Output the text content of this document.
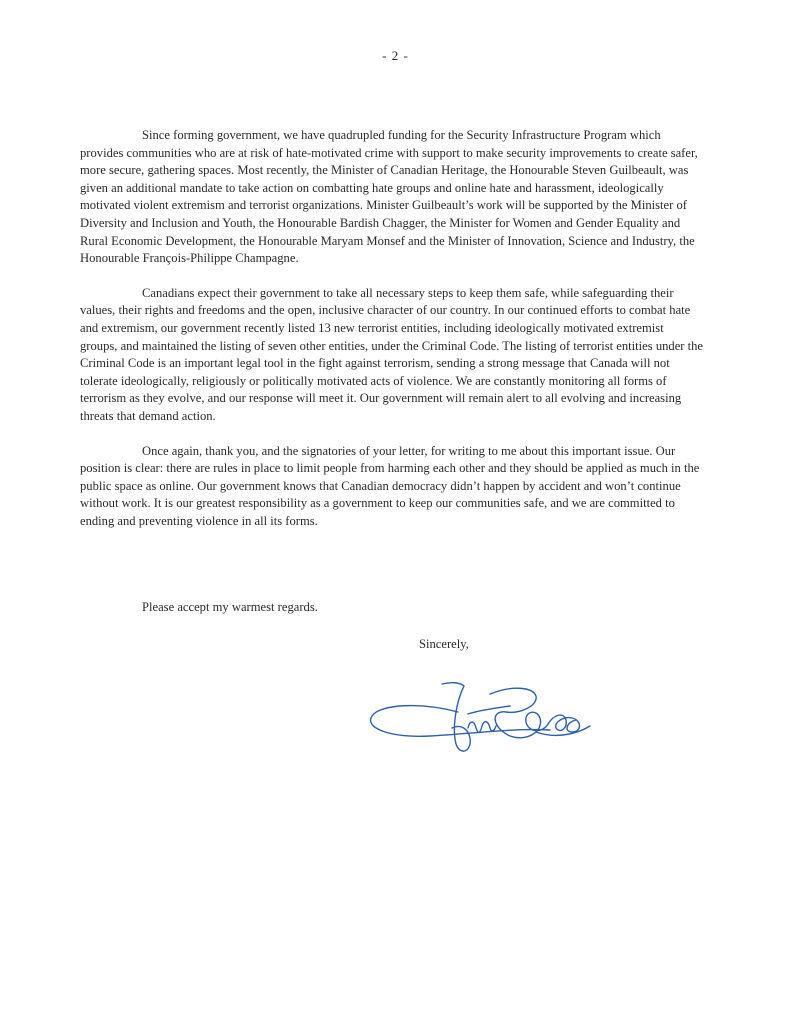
- 2 -

Since forming government, we have quadrupled funding for the Security Infrastructure Program which provides communities who are at risk of hate-motivated crime with support to make security improvements to create safer, more secure, gathering spaces. Most recently, the Minister of Canadian Heritage, the Honourable Steven Guilbeault, was given an additional mandate to take action on combatting hate groups and online hate and harassment, ideologically motivated violent extremism and terrorist organizations. Minister Guilbeault’s work will be supported by the Minister of Diversity and Inclusion and Youth, the Honourable Bardish Chagger, the Minister for Women and Gender Equality and Rural Economic Development, the Honourable Maryam Monsef and the Minister of Innovation, Science and Industry, the Honourable François-Philippe Champagne.

Canadians expect their government to take all necessary steps to keep them safe, while safeguarding their values, their rights and freedoms and the open, inclusive character of our country. In our continued efforts to combat hate and extremism, our government recently listed 13 new terrorist entities, including ideologically motivated extremist groups, and maintained the listing of seven other entities, under the Criminal Code. The listing of terrorist entities under the Criminal Code is an important legal tool in the fight against terrorism, sending a strong message that Canada will not tolerate ideologically, religiously or politically motivated acts of violence. We are constantly monitoring all forms of terrorism as they evolve, and our response will meet it. Our government will remain alert to all evolving and increasing threats that demand action.

Once again, thank you, and the signatories of your letter, for writing to me about this important issue. Our position is clear: there are rules in place to limit people from harming each other and they should be applied as much in the public space as online. Our government knows that Canadian democracy didn’t happen by accident and won’t continue without work. It is our greatest responsibility as a government to keep our communities safe, and we are committed to ending and preventing violence in all its forms.

Please accept my warmest regards.
Sincerely,
